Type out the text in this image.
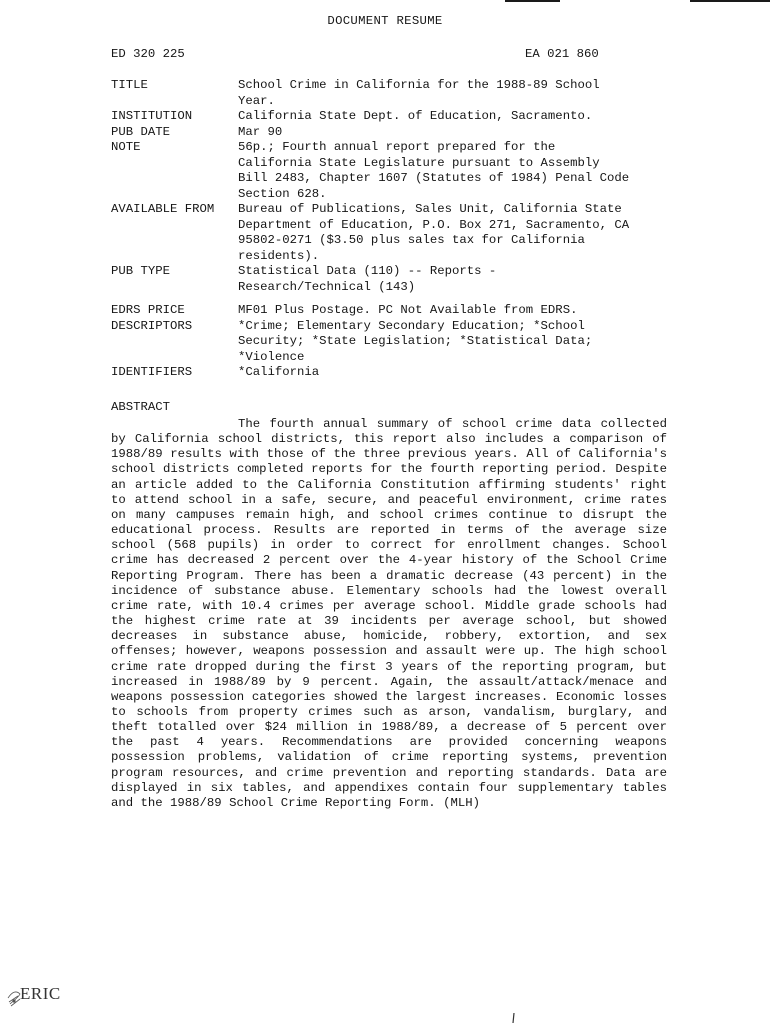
DOCUMENT RESUME
ED 320 225	EA 021 860
TITLE	School Crime in California for the 1988-89 School
Year.
INSTITUTION	California State Dept. of Education, Sacramento.
PUB DATE	Mar 90
NOTE	56p.; Fourth annual report prepared for the
California State Legislature pursuant to Assembly
Bill 2483, Chapter 1607 (Statutes of 1984) Penal Code
Section 628.
AVAILABLE FROM	Bureau of Publications, Sales Unit, California State
Department of Education, P.O. Box 271, Sacramento, CA
95802-0271 ($3.50 plus sales tax for California
residents).
PUB TYPE	Statistical Data (110) -- Reports -
Research/Technical (143)
EDRS PRICE	MF01 Plus Postage. PC Not Available from EDRS.
DESCRIPTORS	*Crime; Elementary Secondary Education; *School
Security; *State Legislation; *Statistical Data;
*Violence
IDENTIFIERS	*California
ABSTRACT
The fourth annual summary of school crime data collected by California school districts, this report also includes a comparison of 1988/89 results with those of the three previous years. All of California's school districts completed reports for the fourth reporting period. Despite an article added to the California Constitution affirming students' right to attend school in a safe, secure, and peaceful environment, crime rates on many campuses remain high, and school crimes continue to disrupt the educational process. Results are reported in terms of the average size school (568 pupils) in order to correct for enrollment changes. School crime has decreased 2 percent over the 4-year history of the School Crime Reporting Program. There has been a dramatic decrease (43 percent) in the incidence of substance abuse. Elementary schools had the lowest overall crime rate, with 10.4 crimes per average school. Middle grade schools had the highest crime rate at 39 incidents per average school, but showed decreases in substance abuse, homicide, robbery, extortion, and sex offenses; however, weapons possession and assault were up. The high school crime rate dropped during the first 3 years of the reporting program, but increased in 1988/89 by 9 percent. Again, the assault/attack/menace and weapons possession categories showed the largest increases. Economic losses to schools from property crimes such as arson, vandalism, burglary, and theft totalled over $24 million in 1988/89, a decrease of 5 percent over the past 4 years. Recommendations are provided concerning weapons possession problems, validation of crime reporting systems, prevention program resources, and crime prevention and reporting standards. Data are displayed in six tables, and appendixes contain four supplementary tables and the 1988/89 School Crime Reporting Form. (MLH)
ERIC
